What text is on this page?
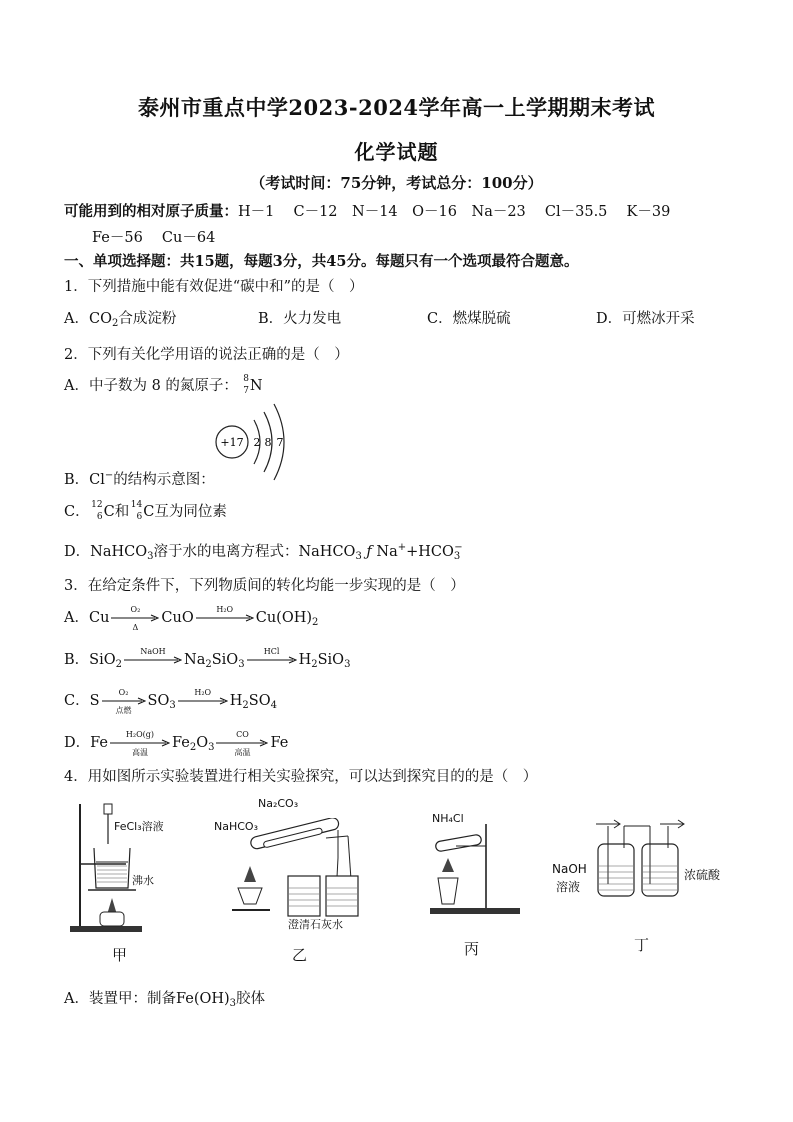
泰州市重点中学2023-2024学年高一上学期期末考试
化学试题
（考试时间：75分钟，考试总分：100分）
可能用到的相对原子质量：H－1　 C－12　N－14　O－16　Na－23　 Cl－35.5　 K－39
Fe－56　 Cu－64
一、单项选择题：共15题，每题3分，共45分。每题只有一个选项最符合题意。
1．下列措施中能有效促进“碳中和”的是（　）
A．$CO_2$合成淀粉	B．火力发电	C．燃煤脱硫	D．可燃冰开采
2．下列有关化学用语的说法正确的是（　）
A．中子数为 8 的氮原子： 8
7 N
+17 2 8 7
B．Cl−的结构示意图：
C． 12
6 C和 14
6 C互为同位素
D．NaHCO$_3$溶于水的电离方程式：NaHCO$_3$ ƒ $Na^++HCO_3^-$
3．在给定条件下，下列物质间的转化均能一步实现的是（　）
A．Cu
O₂
Δ
CuO
H₂O
$Cu(OH)_2$
B．SiO$_2$
NaOH
$Na_2SiO_3$
HCl
$H_2SiO_3$
C．S
O₂
点燃
$SO_3$
H₂O
$H_2SO_4$
D．Fe
H₂O(g)
高温
$Fe_2O_3$
CO
高温
Fe
4．用如图所示实验装置进行相关实验探究，可以达到探究目的的是（　）
FeCl₃溶液
沸水
甲
Na₂CO₃
NaHCO₃
澄清石灰水
乙
NH₄Cl
丙
NaOH
溶液
浓硫酸
丁
A．装置甲：制备$Fe(OH)_3$胶体
